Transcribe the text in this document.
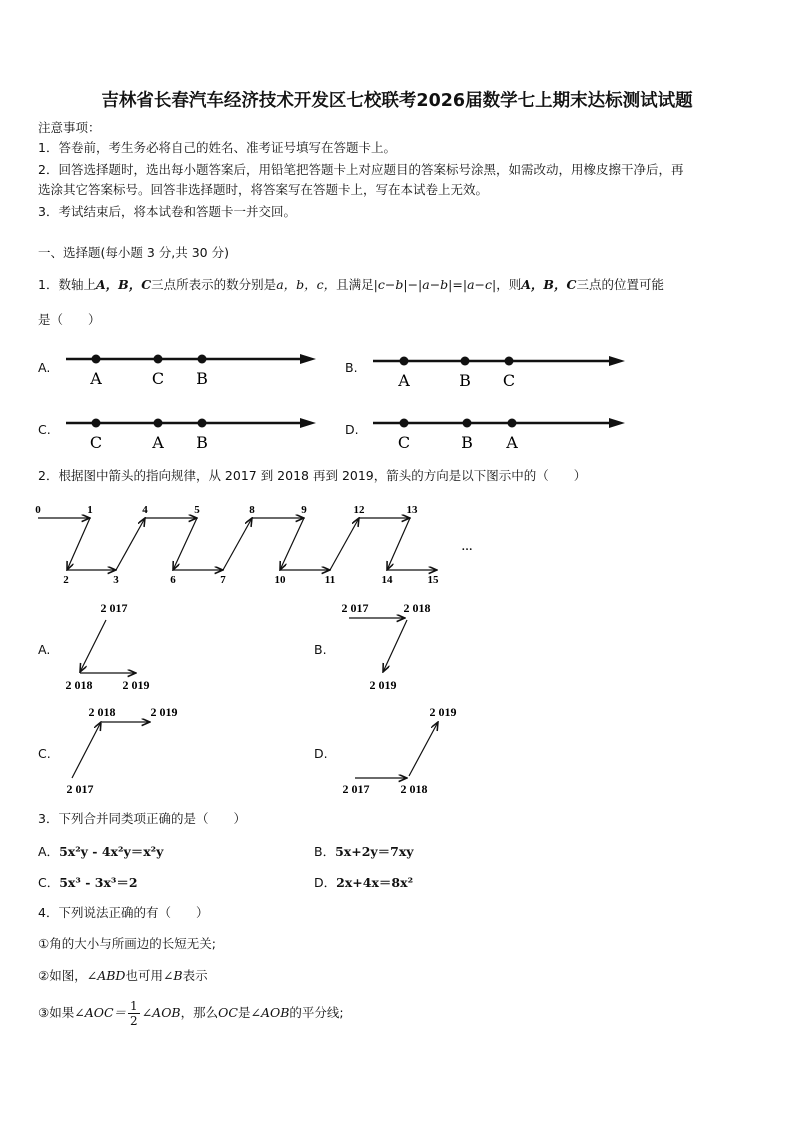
吉林省长春汽车经济技术开发区七校联考2026届数学七上期末达标测试试题
注意事项：
1．答卷前，考生务必将自己的姓名、准考证号填写在答题卡上。
2．回答选择题时，选出每小题答案后，用铅笔把答题卡上对应题目的答案标号涂黑，如需改动，用橡皮擦干净后，再
选涂其它答案标号。回答非选择题时，将答案写在答题卡上，写在本试卷上无效。
3．考试结束后，将本试卷和答题卡一并交回。
一、选择题(每小题 3 分,共 30 分)
1．数轴上A，B，C三点所表示的数分别是a，b，c，且满足|c−b|−|a−b|=|a−c|，则A，B，C三点的位置可能
是（　　）
A.
A	C B
B.
A	B C
C.
C	A B
D.
C	B A
2．根据图中箭头的指向规律，从 2017 到 2018 再到 2019，箭头的方向是以下图示中的（　　）
0	1
2	3
4	5
6	7
8	9
10	11
12	13
14	15
…
A.
2 017
2 018	2 019
B.
2 017	2 018
2 019
C.
2 018	2 019
2 017
D.
2 019
2 017	2 018
3．下列合并同类项正确的是（　　）
A．5x²y - 4x²y＝x²y	B．5x+2y＝7xy
C．5x³ - 3x³＝2	D．2x+4x＝8x²
4．下列说法正确的有（　　）
①角的大小与所画边的长短无关;
②如图，∠ABD也可用∠B表示
③如果 ∠AOC＝ $\frac{1}{2}$ ∠AOB ，那么 OC 是 ∠AOB 的平分线;
